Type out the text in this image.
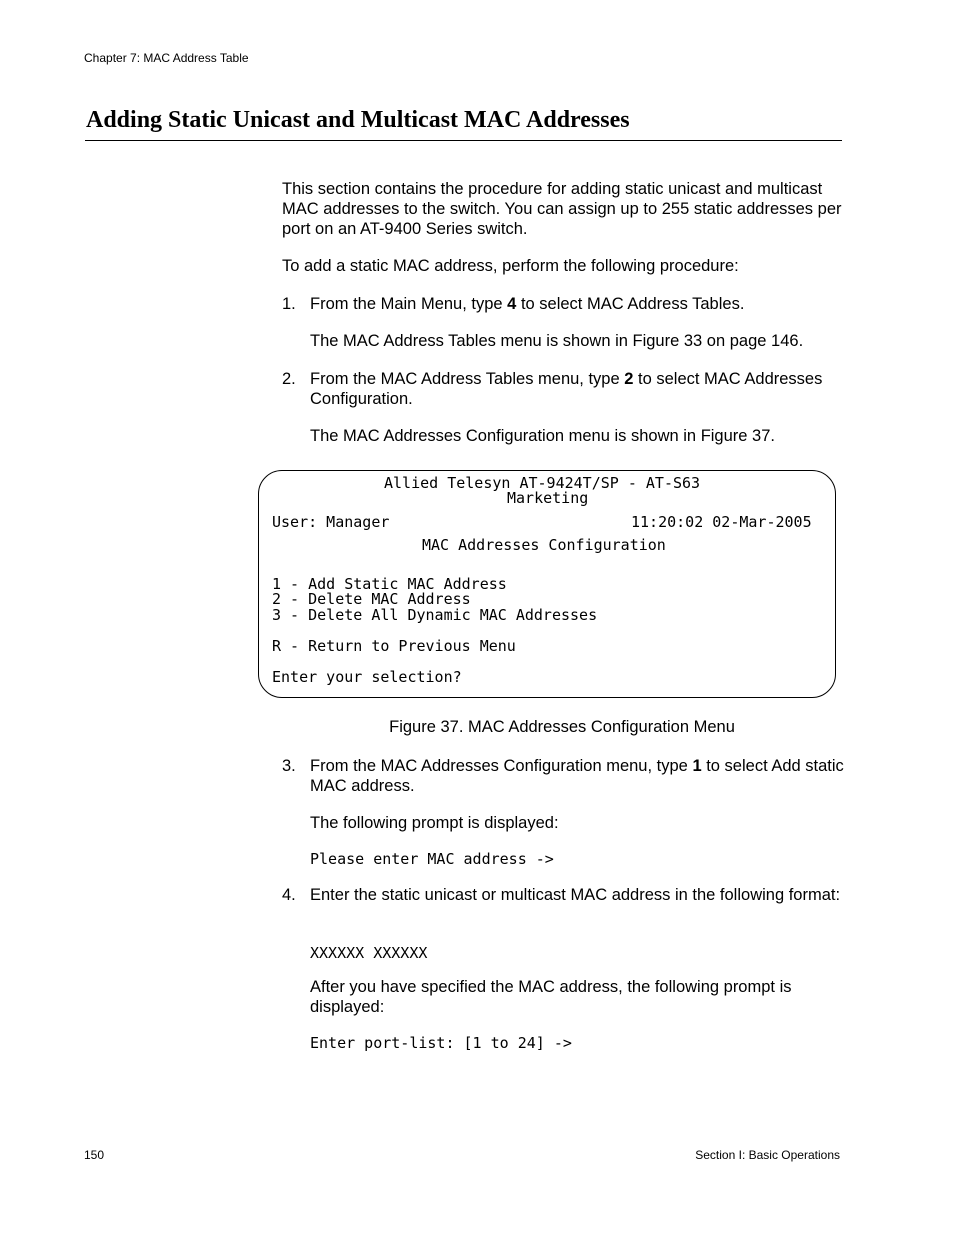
Chapter 7: MAC Address Table
Adding Static Unicast and Multicast MAC Addresses

This section contains the procedure for adding static unicast and multicast MAC addresses to the switch. You can assign up to 255 static addresses per port on an AT-9400 Series switch.

To add a static MAC address, perform the following procedure:

1. From the Main Menu, type 4 to select MAC Address Tables.

The MAC Address Tables menu is shown in Figure 33 on page 146.

2. From the MAC Address Tables menu, type 2 to select MAC Addresses Configuration.

The MAC Addresses Configuration menu is shown in Figure 37.

Allied Telesyn AT-9424T/SP - AT-S63
Marketing
User: Manager	11:20:02 02-Mar-2005
MAC Addresses Configuration
1 - Add Static MAC Address
2 - Delete MAC Address
3 - Delete All Dynamic MAC Addresses
R - Return to Previous Menu
Enter your selection?
Figure 37. MAC Addresses Configuration Menu
3. From the MAC Addresses Configuration menu, type 1 to select Add static MAC address.

The following prompt is displayed:

Please enter MAC address ->
4. Enter the static unicast or multicast MAC address in the following format:

XXXXXX XXXXXX

After you have specified the MAC address, the following prompt is displayed:

Enter port-list: [1 to 24] ->
150	Section I: Basic Operations
